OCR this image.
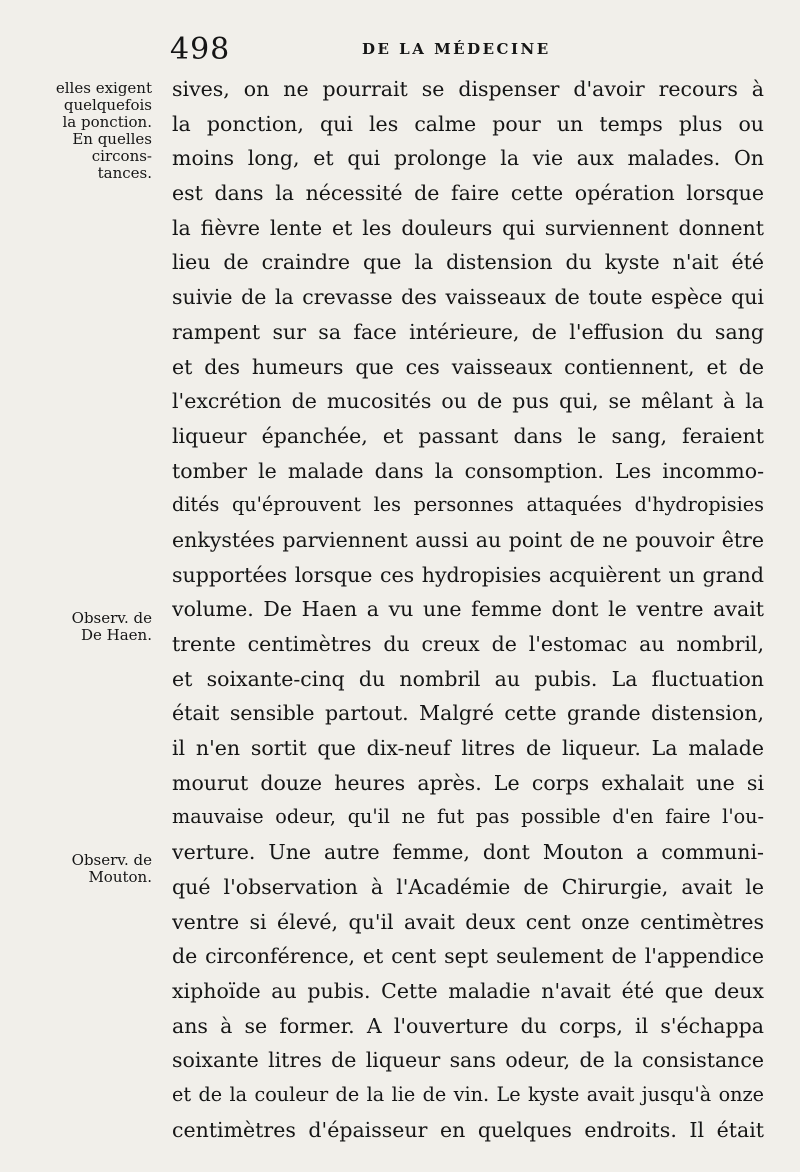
498	DE LA MÉDECINE
elles exigent
quelquefois
la ponction.
En quelles
circons-
tances.
Observ. de
De Haen.
Observ. de
Mouton.
sives, on ne pourrait se dispenser d'avoir recours à
la ponction, qui les calme pour un temps plus ou
moins long, et qui prolonge la vie aux malades. On
est dans la nécessité de faire cette opération lorsque
la fièvre lente et les douleurs qui surviennent donnent
lieu de craindre que la distension du kyste n'ait été
suivie de la crevasse des vaisseaux de toute espèce qui
rampent sur sa face intérieure, de l'effusion du sang
et des humeurs que ces vaisseaux contiennent, et de
l'excrétion de mucosités ou de pus qui, se mêlant à la
liqueur épanchée, et passant dans le sang, feraient
tomber le malade dans la consomption. Les incommo-
dités qu'éprouvent les personnes attaquées d'hydropisies
enkystées parviennent aussi au point de ne pouvoir être
supportées lorsque ces hydropisies acquièrent un grand
volume. De Haen a vu une femme dont le ventre avait
trente centimètres du creux de l'estomac au nombril,
et soixante-cinq du nombril au pubis. La fluctuation
était sensible partout. Malgré cette grande distension,
il n'en sortit que dix-neuf litres de liqueur. La malade
mourut douze heures après. Le corps exhalait une si
mauvaise odeur, qu'il ne fut pas possible d'en faire l'ou-
verture. Une autre femme, dont Mouton a communi-
qué l'observation à l'Académie de Chirurgie, avait le
ventre si élevé, qu'il avait deux cent onze centimètres
de circonférence, et cent sept seulement de l'appendice
xiphoïde au pubis. Cette maladie n'avait été que deux
ans à se former. A l'ouverture du corps, il s'échappa
soixante litres de liqueur sans odeur, de la consistance
et de la couleur de la lie de vin. Le kyste avait jusqu'à onze
centimètres d'épaisseur en quelques endroits. Il était
